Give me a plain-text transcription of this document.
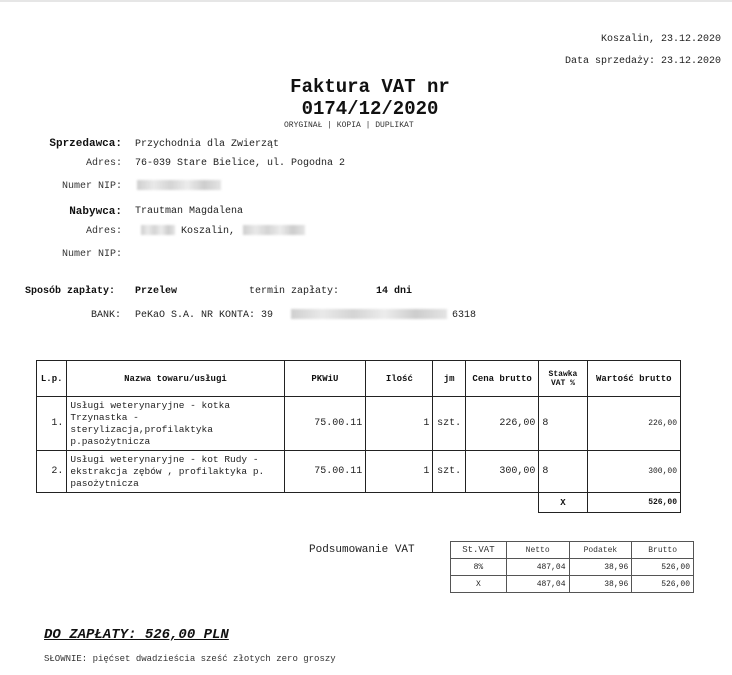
Koszalin, 23.12.2020
Data sprzedaży: 23.12.2020
Faktura VAT nr
0174/12/2020
ORYGINAŁ | KOPIA | DUPLIKAT
Sprzedawca: Przychodnia dla Zwierząt
Adres: 76-039 Stare Bielice, ul. Pogodna 2
Numer NIP:
Nabywca: Trautman Magdalena
Adres:	Koszalin,
Numer NIP:
Sposób zapłaty: Przelew	termin zapłaty:	14 dni
BANK: PeKaO S.A. NR KONTA: 39	6318
L.p.	Nazwa towaru/usługi	PKWiU	Ilość	jm	Cena brutto	Stawka VAT %	Wartość brutto
1.	Usługi weterynaryjne - kotka Trzynastka - sterylizacja,profilaktyka p.pasożytnicza	75.00.11	1	szt.	226,00	8	226,00
2.	Usługi weterynaryjne - kot Rudy - ekstrakcja zębów , profilaktyka p. pasożytnicza	75.00.11	1	szt.	300,00	8	300,00
						X	526,00
Podsumowanie VAT	St.VAT	Netto	Podatek	Brutto
8%	487,04	38,96	526,00
X	487,04	38,96	526,00
DO ZAPŁATY: 526,00 PLN
SŁOWNIE: pięćset dwadzieścia sześć złotych zero groszy
